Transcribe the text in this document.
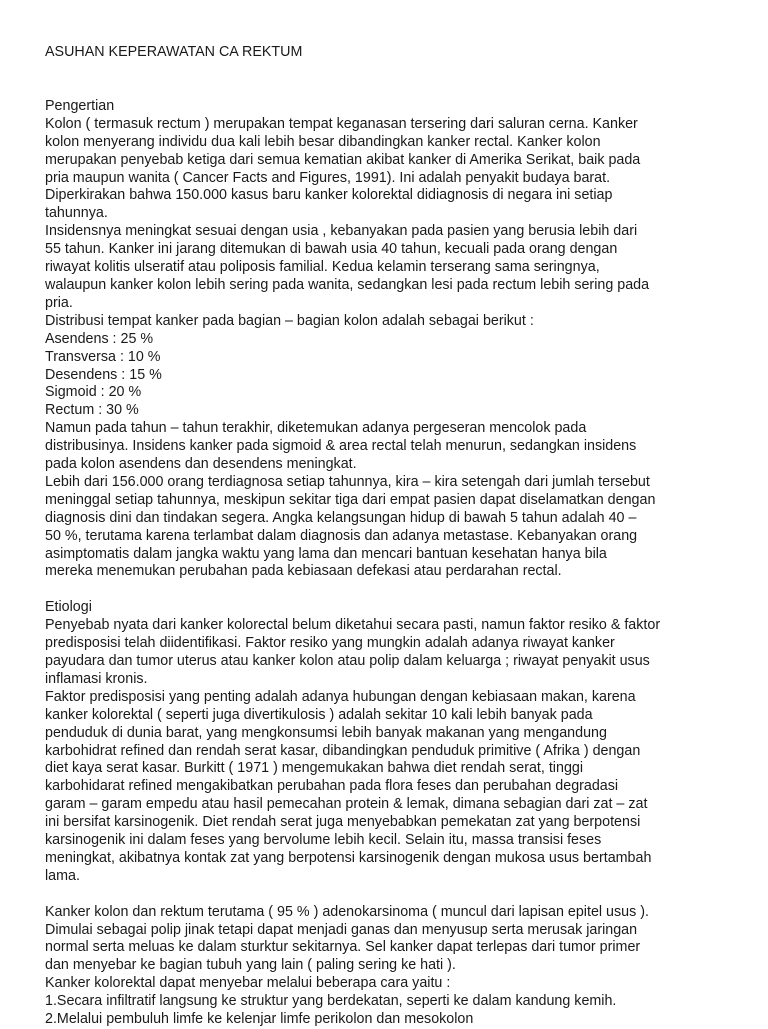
ASUHAN KEPERAWATAN CA REKTUM

Pengertian

Kolon ( termasuk rectum ) merupakan tempat keganasan tersering dari saluran cerna. Kanker
kolon menyerang individu dua kali lebih besar dibandingkan kanker rectal. Kanker kolon
merupakan penyebab ketiga dari semua kematian akibat kanker di Amerika Serikat, baik pada
pria maupun wanita ( Cancer Facts and Figures, 1991). Ini adalah penyakit budaya barat.
Diperkirakan bahwa 150.000 kasus baru kanker kolorektal didiagnosis di negara ini setiap
tahunnya.
Insidensnya meningkat sesuai dengan usia , kebanyakan pada pasien yang berusia lebih dari
55 tahun. Kanker ini jarang ditemukan di bawah usia 40 tahun, kecuali pada orang dengan
riwayat kolitis ulseratif atau poliposis familial. Kedua kelamin terserang sama seringnya,
walaupun kanker kolon lebih sering pada wanita, sedangkan lesi pada rectum lebih sering pada
pria.
Distribusi tempat kanker pada bagian – bagian kolon adalah sebagai berikut :
Asendens : 25 %
Transversa : 10 %
Desendens : 15 %
Sigmoid : 20 %
Rectum : 30 %
Namun pada tahun – tahun terakhir, diketemukan adanya pergeseran mencolok pada
distribusinya. Insidens kanker pada sigmoid & area rectal telah menurun, sedangkan insidens
pada kolon asendens dan desendens meningkat.
Lebih dari 156.000 orang terdiagnosa setiap tahunnya, kira – kira setengah dari jumlah tersebut
meninggal setiap tahunnya, meskipun sekitar tiga dari empat pasien dapat diselamatkan dengan
diagnosis dini dan tindakan segera. Angka kelangsungan hidup di bawah 5 tahun adalah 40 –
50 %, terutama karena terlambat dalam diagnosis dan adanya metastase. Kebanyakan orang
asimptomatis dalam jangka waktu yang lama dan mencari bantuan kesehatan hanya bila
mereka menemukan perubahan pada kebiasaan defekasi atau perdarahan rectal.

Etiologi

Penyebab nyata dari kanker kolorectal belum diketahui secara pasti, namun faktor resiko & faktor
predisposisi telah diidentifikasi. Faktor resiko yang mungkin adalah adanya riwayat kanker
payudara dan tumor uterus atau kanker kolon atau polip dalam keluarga ; riwayat penyakit usus
inflamasi kronis.
Faktor predisposisi yang penting adalah adanya hubungan dengan kebiasaan makan, karena
kanker kolorektal ( seperti juga divertikulosis ) adalah sekitar 10 kali lebih banyak pada
penduduk di dunia barat, yang mengkonsumsi lebih banyak makanan yang mengandung
karbohidrat refined dan rendah serat kasar, dibandingkan penduduk primitive ( Afrika ) dengan
diet kaya serat kasar. Burkitt ( 1971 ) mengemukakan bahwa diet rendah serat, tinggi
karbohidarat refined mengakibatkan perubahan pada flora feses dan perubahan degradasi
garam – garam empedu atau hasil pemecahan protein & lemak, dimana sebagian dari zat – zat
ini bersifat karsinogenik. Diet rendah serat juga menyebabkan pemekatan zat yang berpotensi
karsinogenik ini dalam feses yang bervolume lebih kecil. Selain itu, massa transisi feses
meningkat, akibatnya kontak zat yang berpotensi karsinogenik dengan mukosa usus bertambah
lama.
Kanker kolon dan rektum terutama ( 95 % ) adenokarsinoma ( muncul dari lapisan epitel usus ).
Dimulai sebagai polip jinak tetapi dapat menjadi ganas dan menyusup serta merusak jaringan
normal serta meluas ke dalam sturktur sekitarnya. Sel kanker dapat terlepas dari tumor primer
dan menyebar ke bagian tubuh yang lain ( paling sering ke hati ).
Kanker kolorektal dapat menyebar melalui beberapa cara yaitu :
1.Secara infiltratif langsung ke struktur yang berdekatan, seperti ke dalam kandung kemih.
2.Melalui pembuluh limfe ke kelenjar limfe perikolon dan mesokolon
